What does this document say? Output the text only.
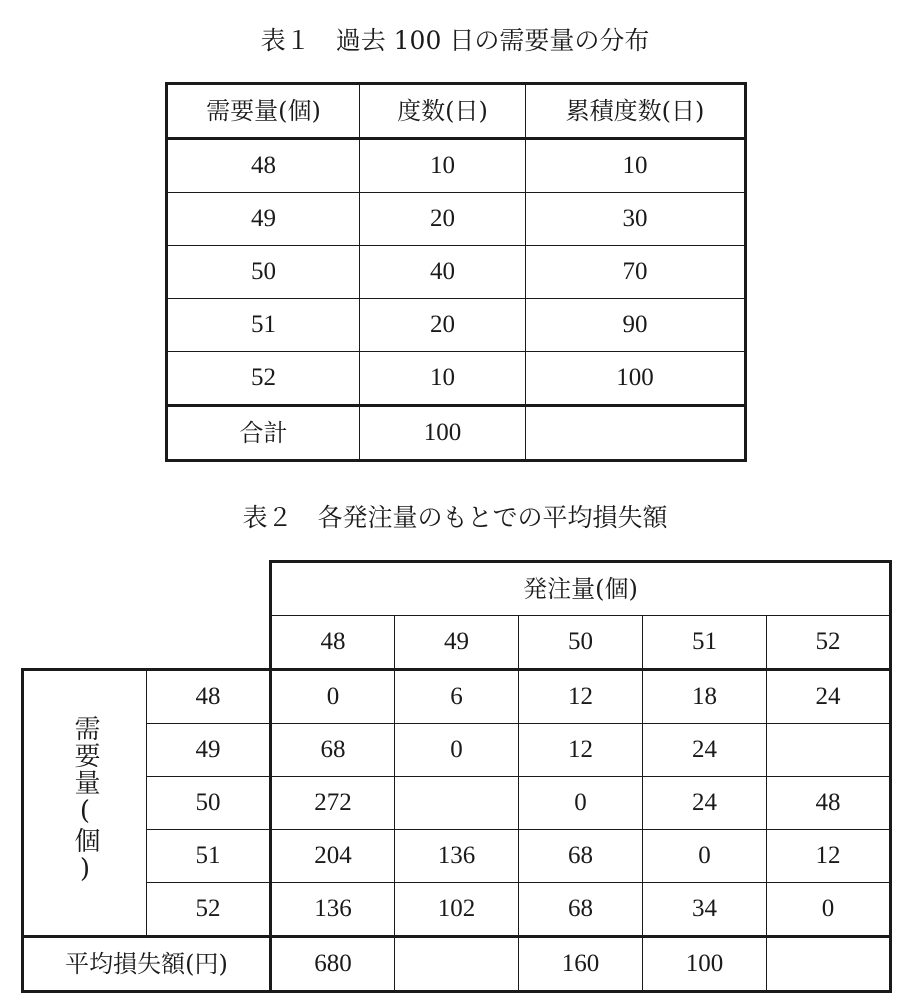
表１　 過去 100 日の需要量の分布
需要量(個)	度数(日)	累積度数(日)
48	10	10
49	20	30
50	40	70
51	20	90
52	10	100
合計	100	
表２　 各発注量のもとでの平均損失額
		発注量(個)				
		48	49	50	51	52
需要量(個)	48	0	6	12	18	24
	49	68	0	12	24	
	50	272		0	24	48
	51	204	136	68	0	12
	52	136	102	68	34	0
平均損失額(円)		680		160	100	
